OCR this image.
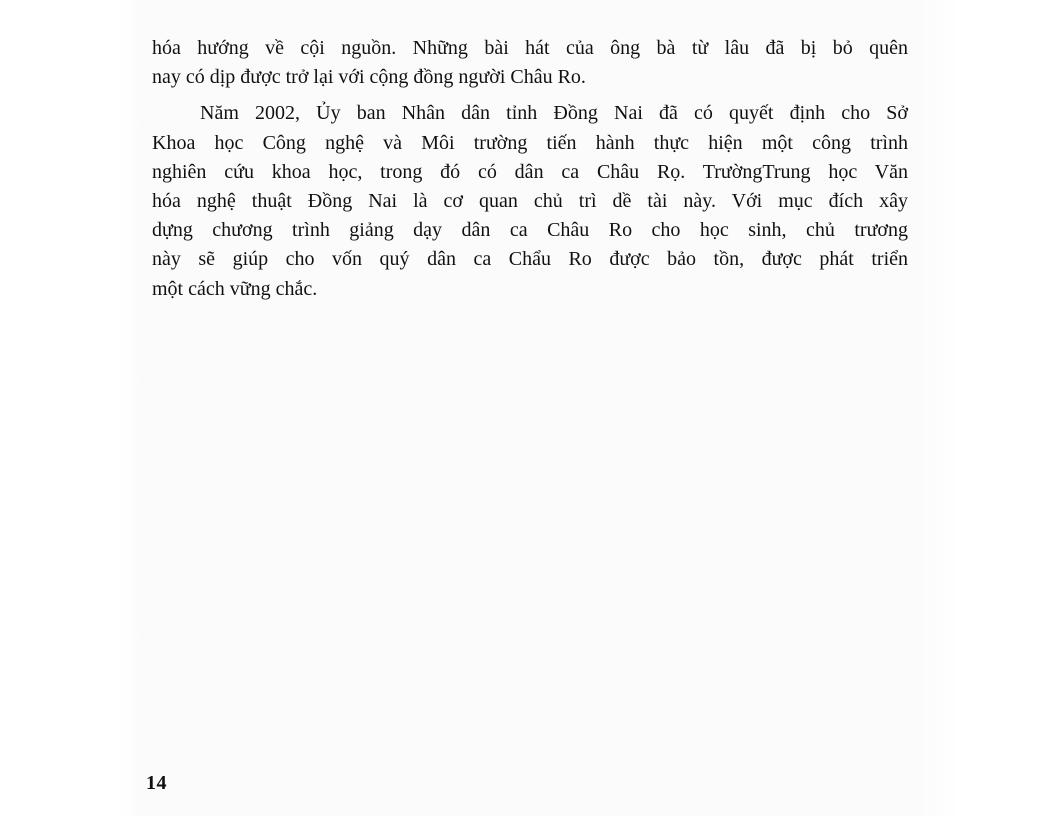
hóa hướng về cội nguồn. Những bài hát của ông bà từ lâu đã bị bỏ quên
nay có dịp được trở lại với cộng đồng người Châu Ro.
Năm 2002, Ủy ban Nhân dân tỉnh Đồng Nai đã có quyết định cho Sở
Khoa học Công nghệ và Môi trường tiến hành thực hiện một công trình
nghiên cứu khoa học, trong đó có dân ca Châu Rọ. TrườngTrung học Văn
hóa nghệ thuật Đồng Nai là cơ quan chủ trì dề tài này. Với mục đích xây
dựng chương trình giảng dạy dân ca Châu Ro cho học sinh, chủ trương
này sẽ giúp cho vốn quý dân ca Chẩu Ro được bảo tồn, được phát triển
một cách vững chắc.
14
